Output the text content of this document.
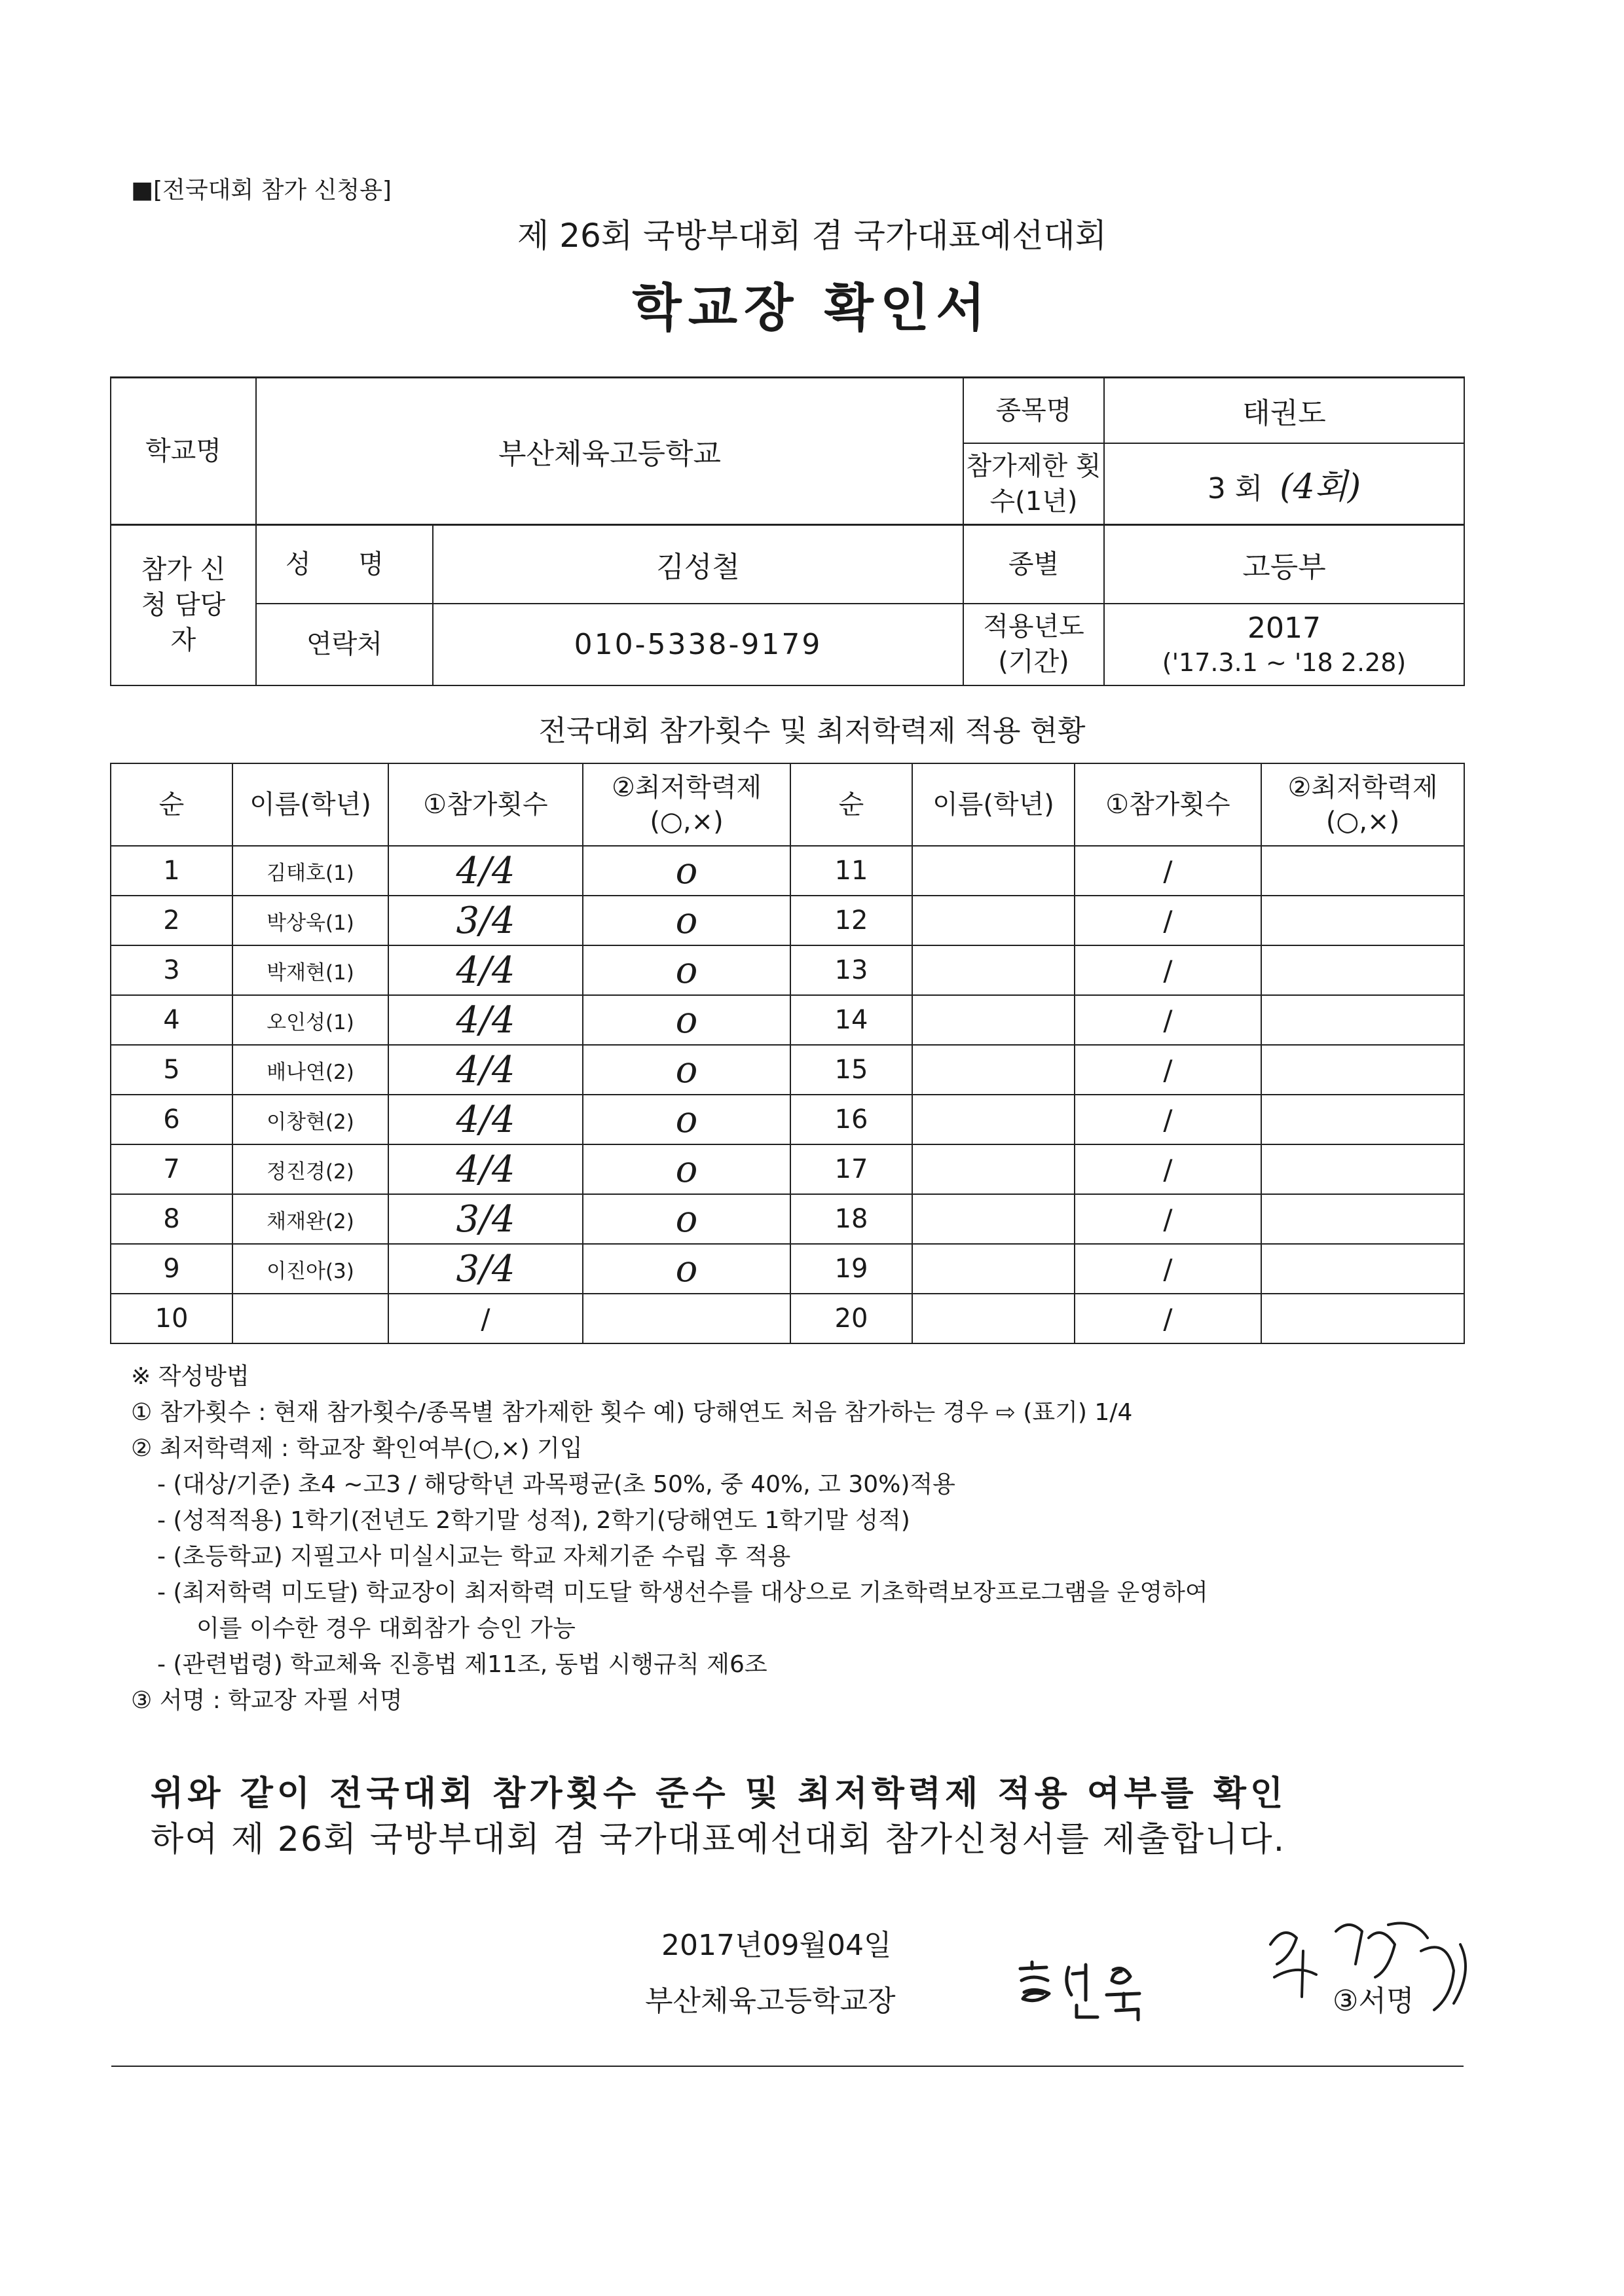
■[전국대회 참가 신청용]
제 26회 국방부대회 겸 국가대표예선대회
학교장 확인서
학교명	부산체육고등학교		종목명	태권도
			참가제한 횟수(1년)	3 회 (4회)
참가 신청 담당자	성 명	김성철	종별	고등부
	연락처	010-5338-9179	적용년도 (기간)	2017
('17.3.1 ~ '18 2.28)
전국대회 참가횟수 및 최저학력제 적용 현황
순	이름(학년)	①참가횟수	②최저학력제 (○,×)	순	이름(학년)	①참가횟수	②최저학력제 (○,×)
1	김태호(1)	4/4	o	11		/	
2	박상욱(1)	3/4	o	12		/	
3	박재현(1)	4/4	o	13		/	
4	오인성(1)	4/4	o	14		/	
5	배나연(2)	4/4	o	15		/	
6	이창현(2)	4/4	o	16		/	
7	정진경(2)	4/4	o	17		/	
8	채재완(2)	3/4	o	18		/	
9	이진아(3)	3/4	o	19		/	
10		/		20		/	
※ 작성방법
① 참가횟수 : 현재 참가횟수/종목별 참가제한 횟수 예) 당해연도 처음 참가하는 경우 ⇨ (표기) 1/4
② 최저학력제 : 학교장 확인여부(○,×) 기입
- (대상/기준) 초4 ~고3 / 해당학년 과목평균(초 50%, 중 40%, 고 30%)적용
- (성적적용) 1학기(전년도 2학기말 성적), 2학기(당해연도 1학기말 성적)
- (초등학교) 지필고사 미실시교는 학교 자체기준 수립 후 적용
- (최저학력 미도달) 학교장이 최저학력 미도달 학생선수를 대상으로 기초학력보장프로그램을 운영하여
이를 이수한 경우 대회참가 승인 가능
- (관련법령) 학교체육 진흥법 제11조, 동법 시행규칙 제6조
③ 서명 : 학교장 자필 서명
위와 같이 전국대회 참가횟수 준수 및 최저학력제 적용 여부를 확인
하여 제 26회 국방부대회 겸 국가대표예선대회 참가신청서를 제출합니다.
2017년09월04일
부산체육고등학교장	③서명
